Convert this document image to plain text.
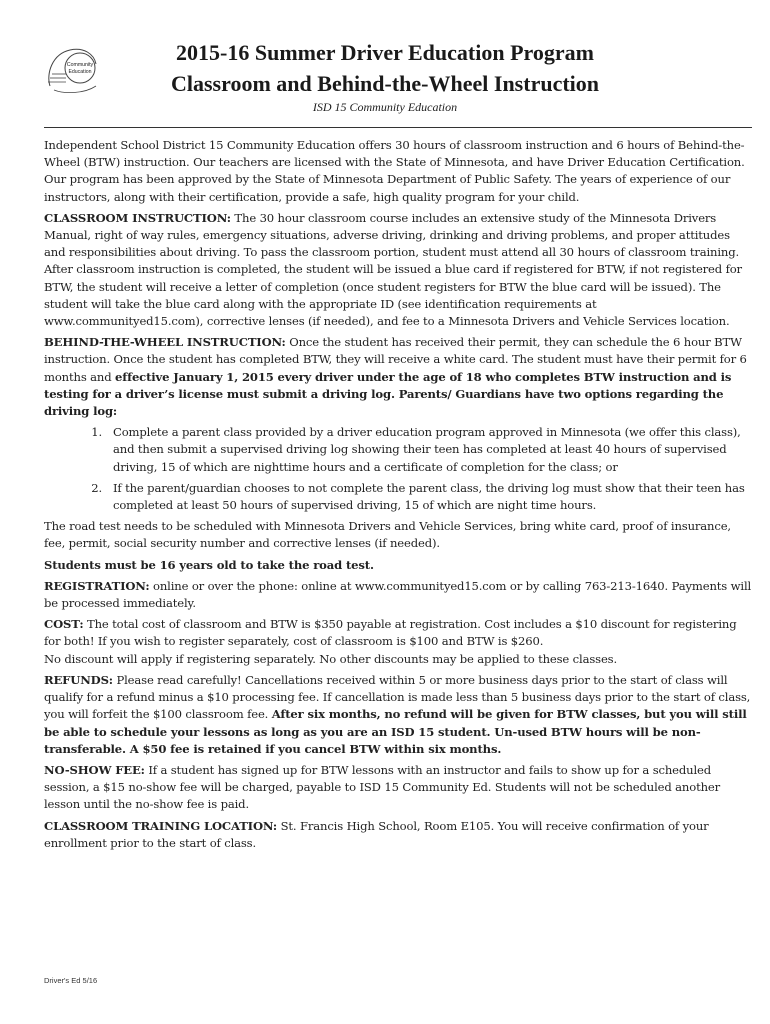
Community
Education
2015-16 Summer Driver Education Program
Classroom and Behind-the-Wheel Instruction
ISD 15 Community Education

Independent School District 15 Community Education offers 30 hours of classroom instruction and 6 hours of Behind-the-Wheel (BTW) instruction. Our teachers are licensed with the State of Minnesota, and have Driver Education Certification. Our program has been approved by the State of Minnesota Department of Public Safety. The years of experience of our instructors, along with their certification, provide a safe, high quality program for your child.

CLASSROOM INSTRUCTION: The 30 hour classroom course includes an extensive study of the Minnesota Drivers Manual, right of way rules, emergency situations, adverse driving, drinking and driving problems, and proper attitudes and responsibilities about driving. To pass the classroom portion, student must attend all 30 hours of classroom training. After classroom instruction is completed, the student will be issued a blue card if registered for BTW, if not registered for BTW, the student will receive a letter of completion (once student registers for BTW the blue card will be issued). The student will take the blue card along with the appropriate ID (see identification requirements at www.communityed15.com), corrective lenses (if needed), and fee to a Minnesota Drivers and Vehicle Services location.

BEHIND-THE-WHEEL INSTRUCTION: Once the student has received their permit, they can schedule the 6 hour BTW instruction. Once the student has completed BTW, they will receive a white card. The student must have their permit for 6 months and effective January 1, 2015 every driver under the age of 18 who completes BTW instruction and is testing for a driver’s license must submit a driving log. Parents/ Guardians have two options regarding the driving log:

1. Complete a parent class provided by a driver education program approved in Minnesota (we offer this class), and then submit a supervised driving log showing their teen has completed at least 40 hours of supervised driving, 15 of which are nighttime hours and a certificate of completion for the class; or
2. If the parent/guardian chooses to not complete the parent class, the driving log must show that their teen has completed at least 50 hours of supervised driving, 15 of which are night time hours.

The road test needs to be scheduled with Minnesota Drivers and Vehicle Services, bring white card, proof of insurance, fee, permit, social security number and corrective lenses (if needed).

Students must be 16 years old to take the road test.

REGISTRATION: online or over the phone: online at www.communityed15.com or by calling 763-213-1640. Payments will be processed immediately.

COST: The total cost of classroom and BTW is $350 payable at registration. Cost includes a $10 discount for registering for both! If you wish to register separately, cost of classroom is $100 and BTW is $260.
No discount will apply if registering separately. No other discounts may be applied to these classes.

REFUNDS: Please read carefully! Cancellations received within 5 or more business days prior to the start of class will qualify for a refund minus a $10 processing fee. If cancellation is made less than 5 business days prior to the start of class, you will forfeit the $100 classroom fee. After six months, no refund will be given for BTW classes, but you will still be able to schedule your lessons as long as you are an ISD 15 student. Un-used BTW hours will be non-transferable. A $50 fee is retained if you cancel BTW within six months.

NO-SHOW FEE: If a student has signed up for BTW lessons with an instructor and fails to show up for a scheduled session, a $15 no-show fee will be charged, payable to ISD 15 Community Ed. Students will not be scheduled another lesson until the no-show fee is paid.

CLASSROOM TRAINING LOCATION: St. Francis High School, Room E105. You will receive confirmation of your enrollment prior to the start of class.

Driver's Ed 5/16
